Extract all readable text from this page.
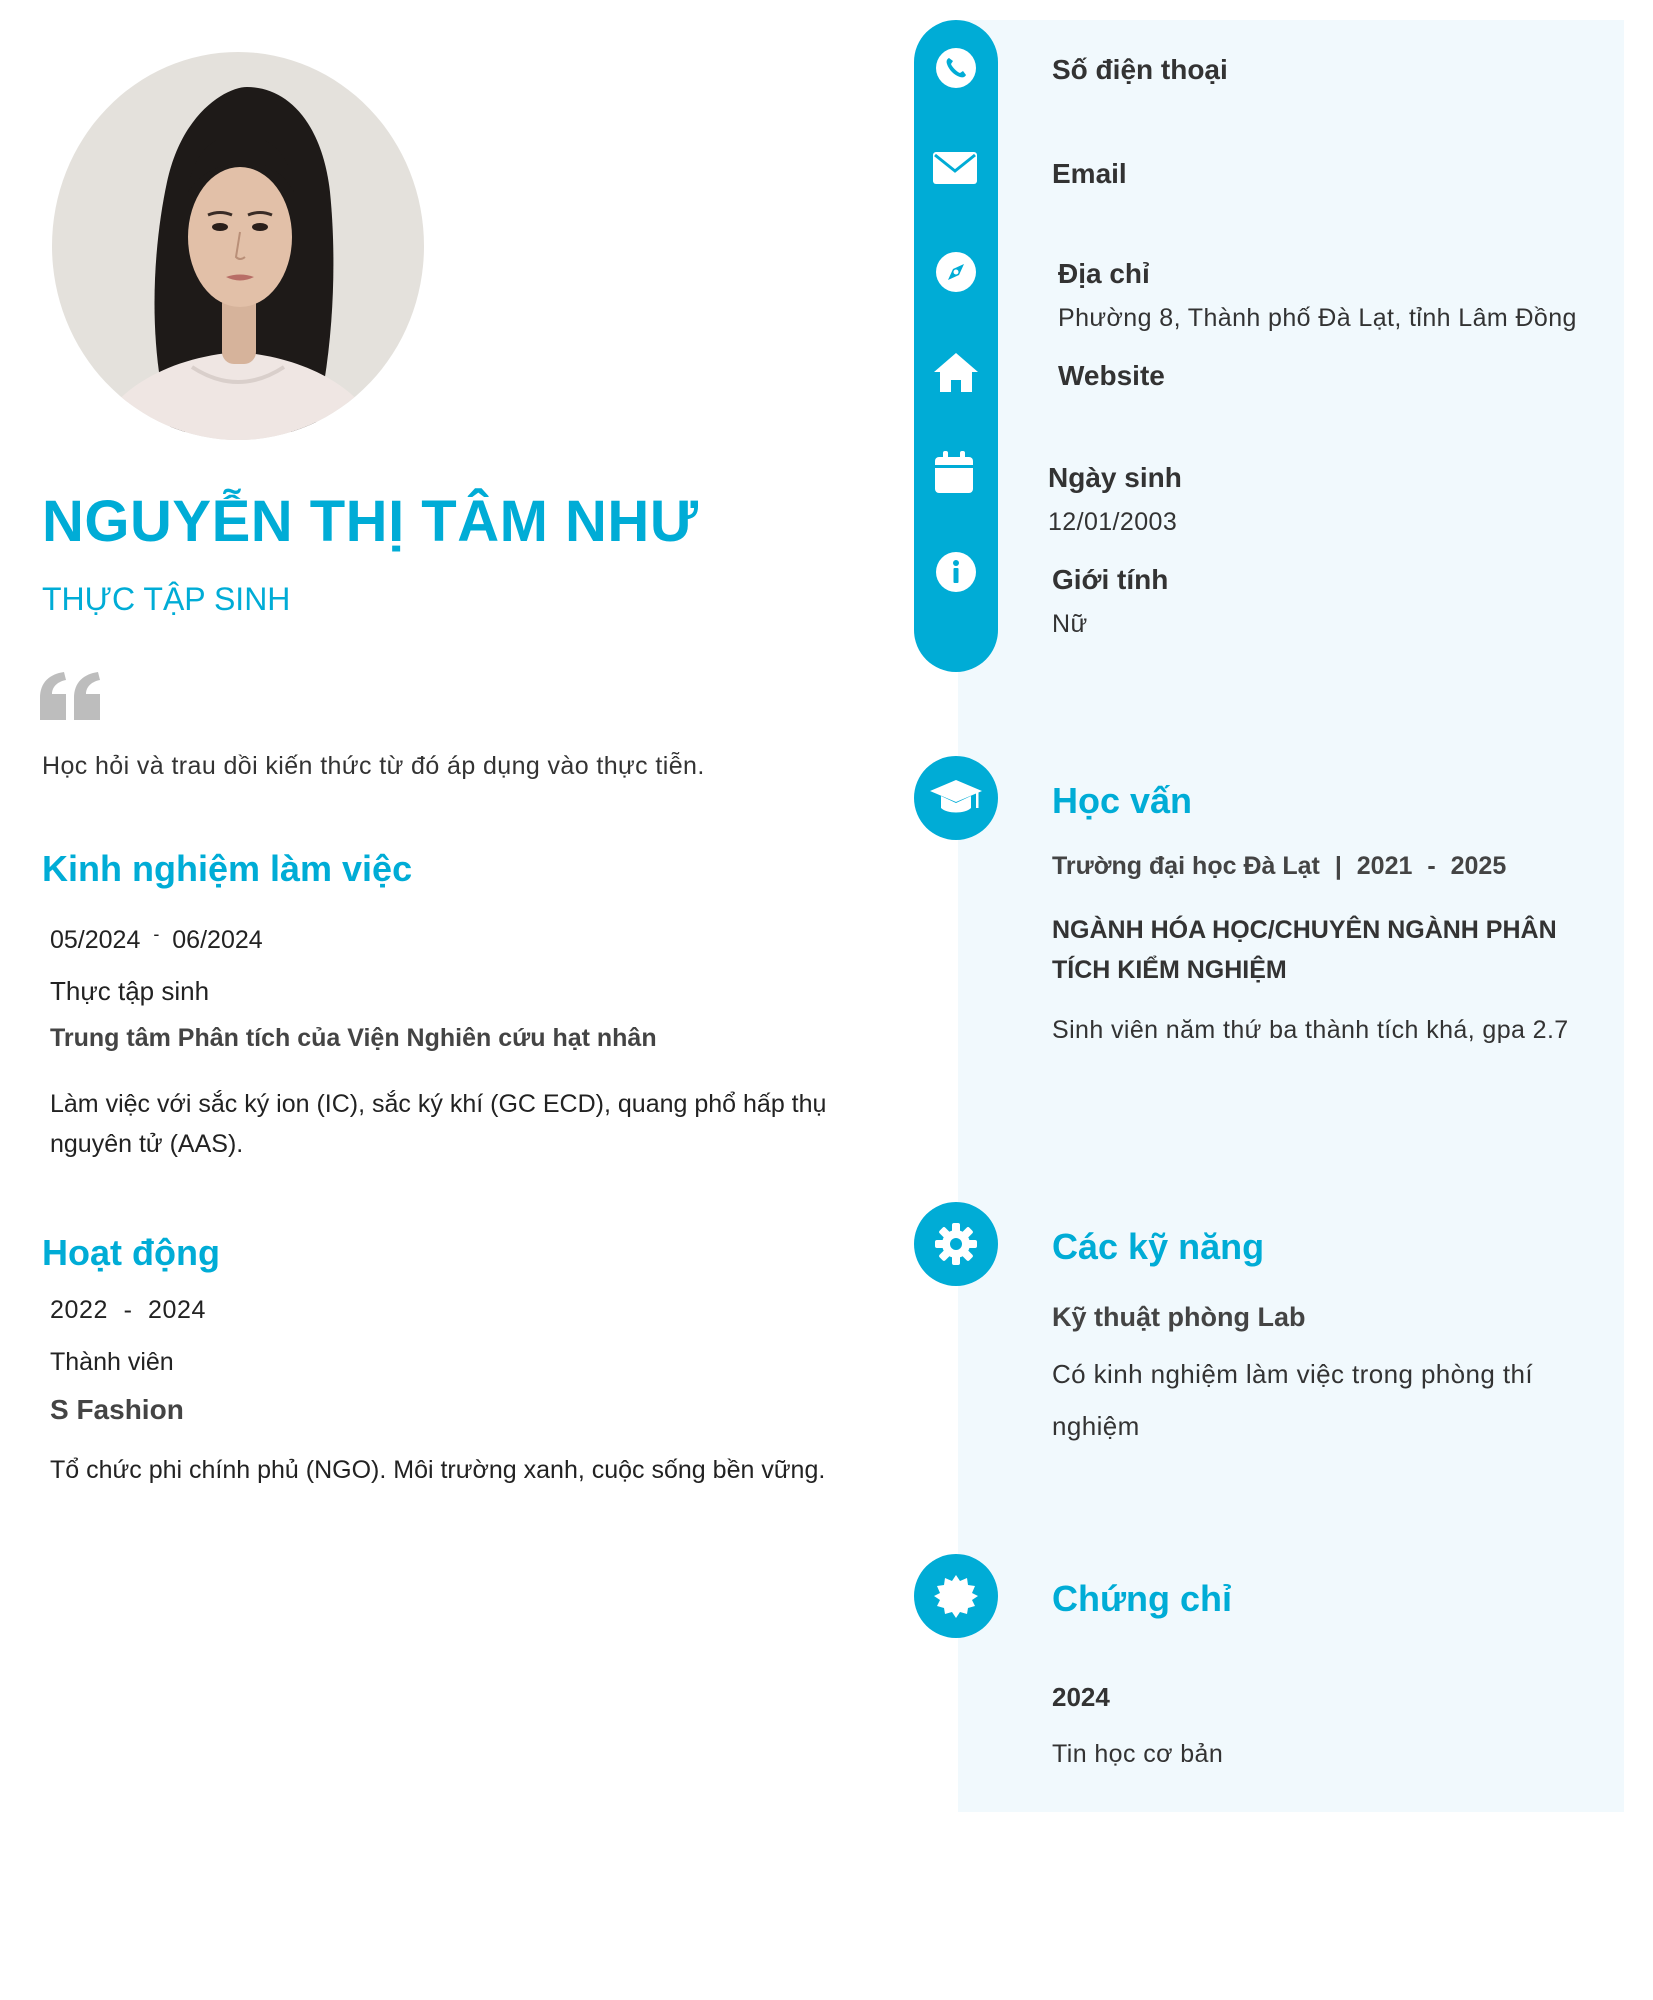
NGUYỄN THỊ TÂM NHƯ
THỰC TẬP SINH
Học hỏi và trau dồi kiến thức từ đó áp dụng vào thực tiễn.
Kinh nghiệm làm việc
05/2024 - 06/2024
Thực tập sinh
Trung tâm Phân tích của Viện Nghiên cứu hạt nhân
Làm việc với sắc ký ion (IC), sắc ký khí (GC ECD), quang phổ hấp thụ nguyên tử (AAS).
Hoạt động
2022 - 2024
Thành viên
S Fashion
Tổ chức phi chính phủ (NGO). Môi trường xanh, cuộc sống bền vững.
Số điện thoại
Email
Địa chỉ
Phường 8, Thành phố Đà Lạt, tỉnh Lâm Đồng
Website
Ngày sinh
12/01/2003
Giới tính
Nữ
Học vấn
Trường đại học Đà Lạt | 2021 - 2025
NGÀNH HÓA HỌC/CHUYÊN NGÀNH PHÂN
TÍCH KIỂM NGHIỆM
Sinh viên năm thứ ba thành tích khá, gpa 2.7
Các kỹ năng
Kỹ thuật phòng Lab
Có kinh nghiệm làm việc trong phòng thí
nghiệm
Chứng chỉ
2024
Tin học cơ bản
